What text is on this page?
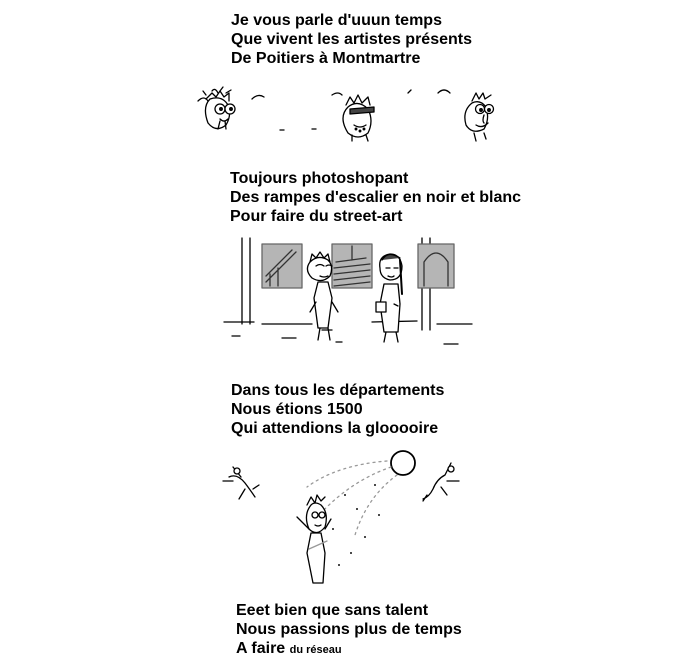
Je vous parle d'uuun temps
Que vivent les artistes présents
De Poitiers à Montmartre
Toujours photoshopant
Des rampes d'escalier en noir et blanc
Pour faire du street-art
Dans tous les départements
Nous étions 1500
Qui attendions la glooooire
Eeet bien que sans talent
Nous passions plus de temps
A faire du réseau
